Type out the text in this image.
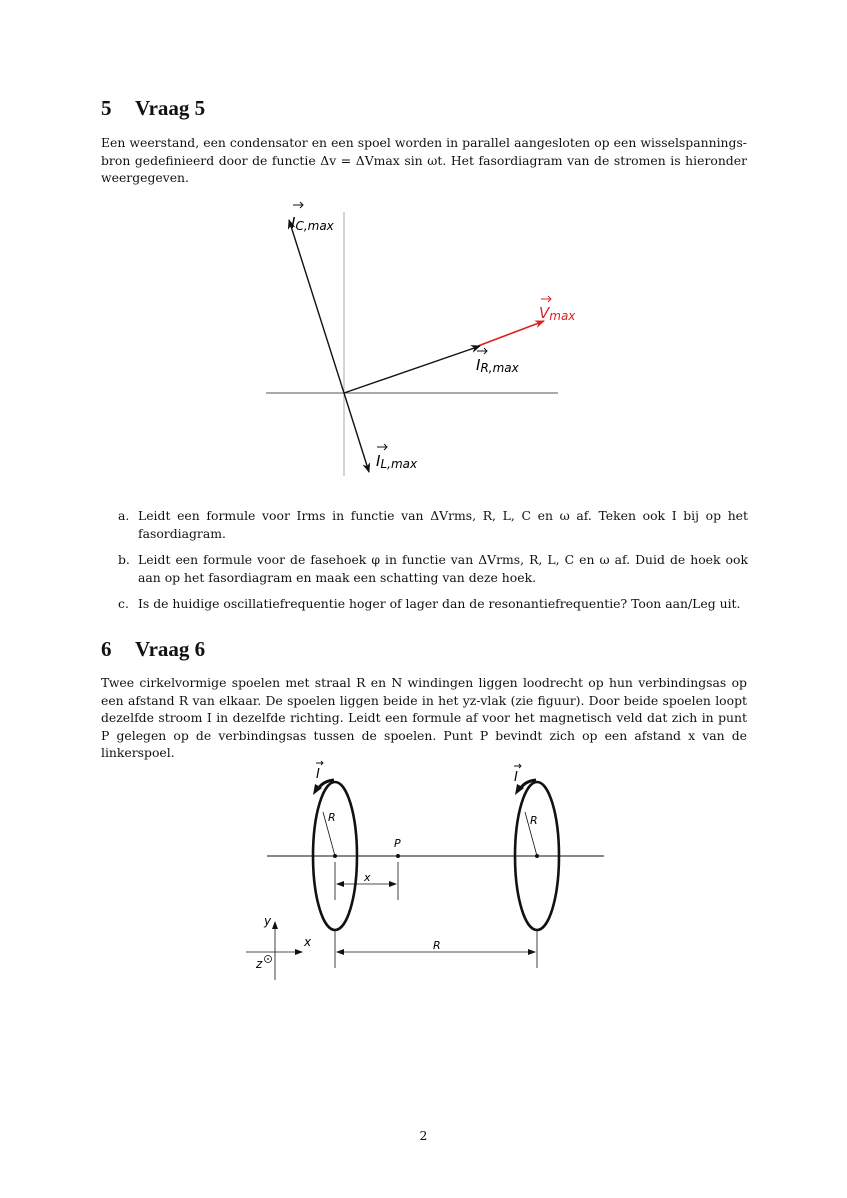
5 Vraag 5
Een weerstand, een condensator en een spoel worden in parallel aangesloten op een wisselspannings-bron gedefinieerd door de functie Δv = ΔVmax sin ωt. Het fasordiagram van de stromen is hieronder weergegeven.
IC,max
Vmax
IR,max
IL,max
a. Leidt een formule voor Irms in functie van ΔVrms, R, L, C en ω af. Teken ook I bij op het fasordiagram.
b. Leidt een formule voor de fasehoek φ in functie van ΔVrms, R, L, C en ω af. Duid de hoek ook aan op het fasordiagram en maak een schatting van deze hoek.
c. Is de huidige oscillatiefrequentie hoger of lager dan de resonantiefrequentie? Toon aan/Leg uit.
6 Vraag 6
Twee cirkelvormige spoelen met straal R en N windingen liggen loodrecht op hun verbindingsas op een afstand R van elkaar. De spoelen liggen beide in het yz-vlak (zie figuur). Door beide spoelen loopt dezelfde stroom I in dezelfde richting. Leidt een formule af voor het magnetisch veld dat zich in punt P gelegen op de verbindingsas tussen de spoelen. Punt P bevindt zich op een afstand x van de linkerspoel.
I	I
R	R
P
x
R
y
x
z
2
